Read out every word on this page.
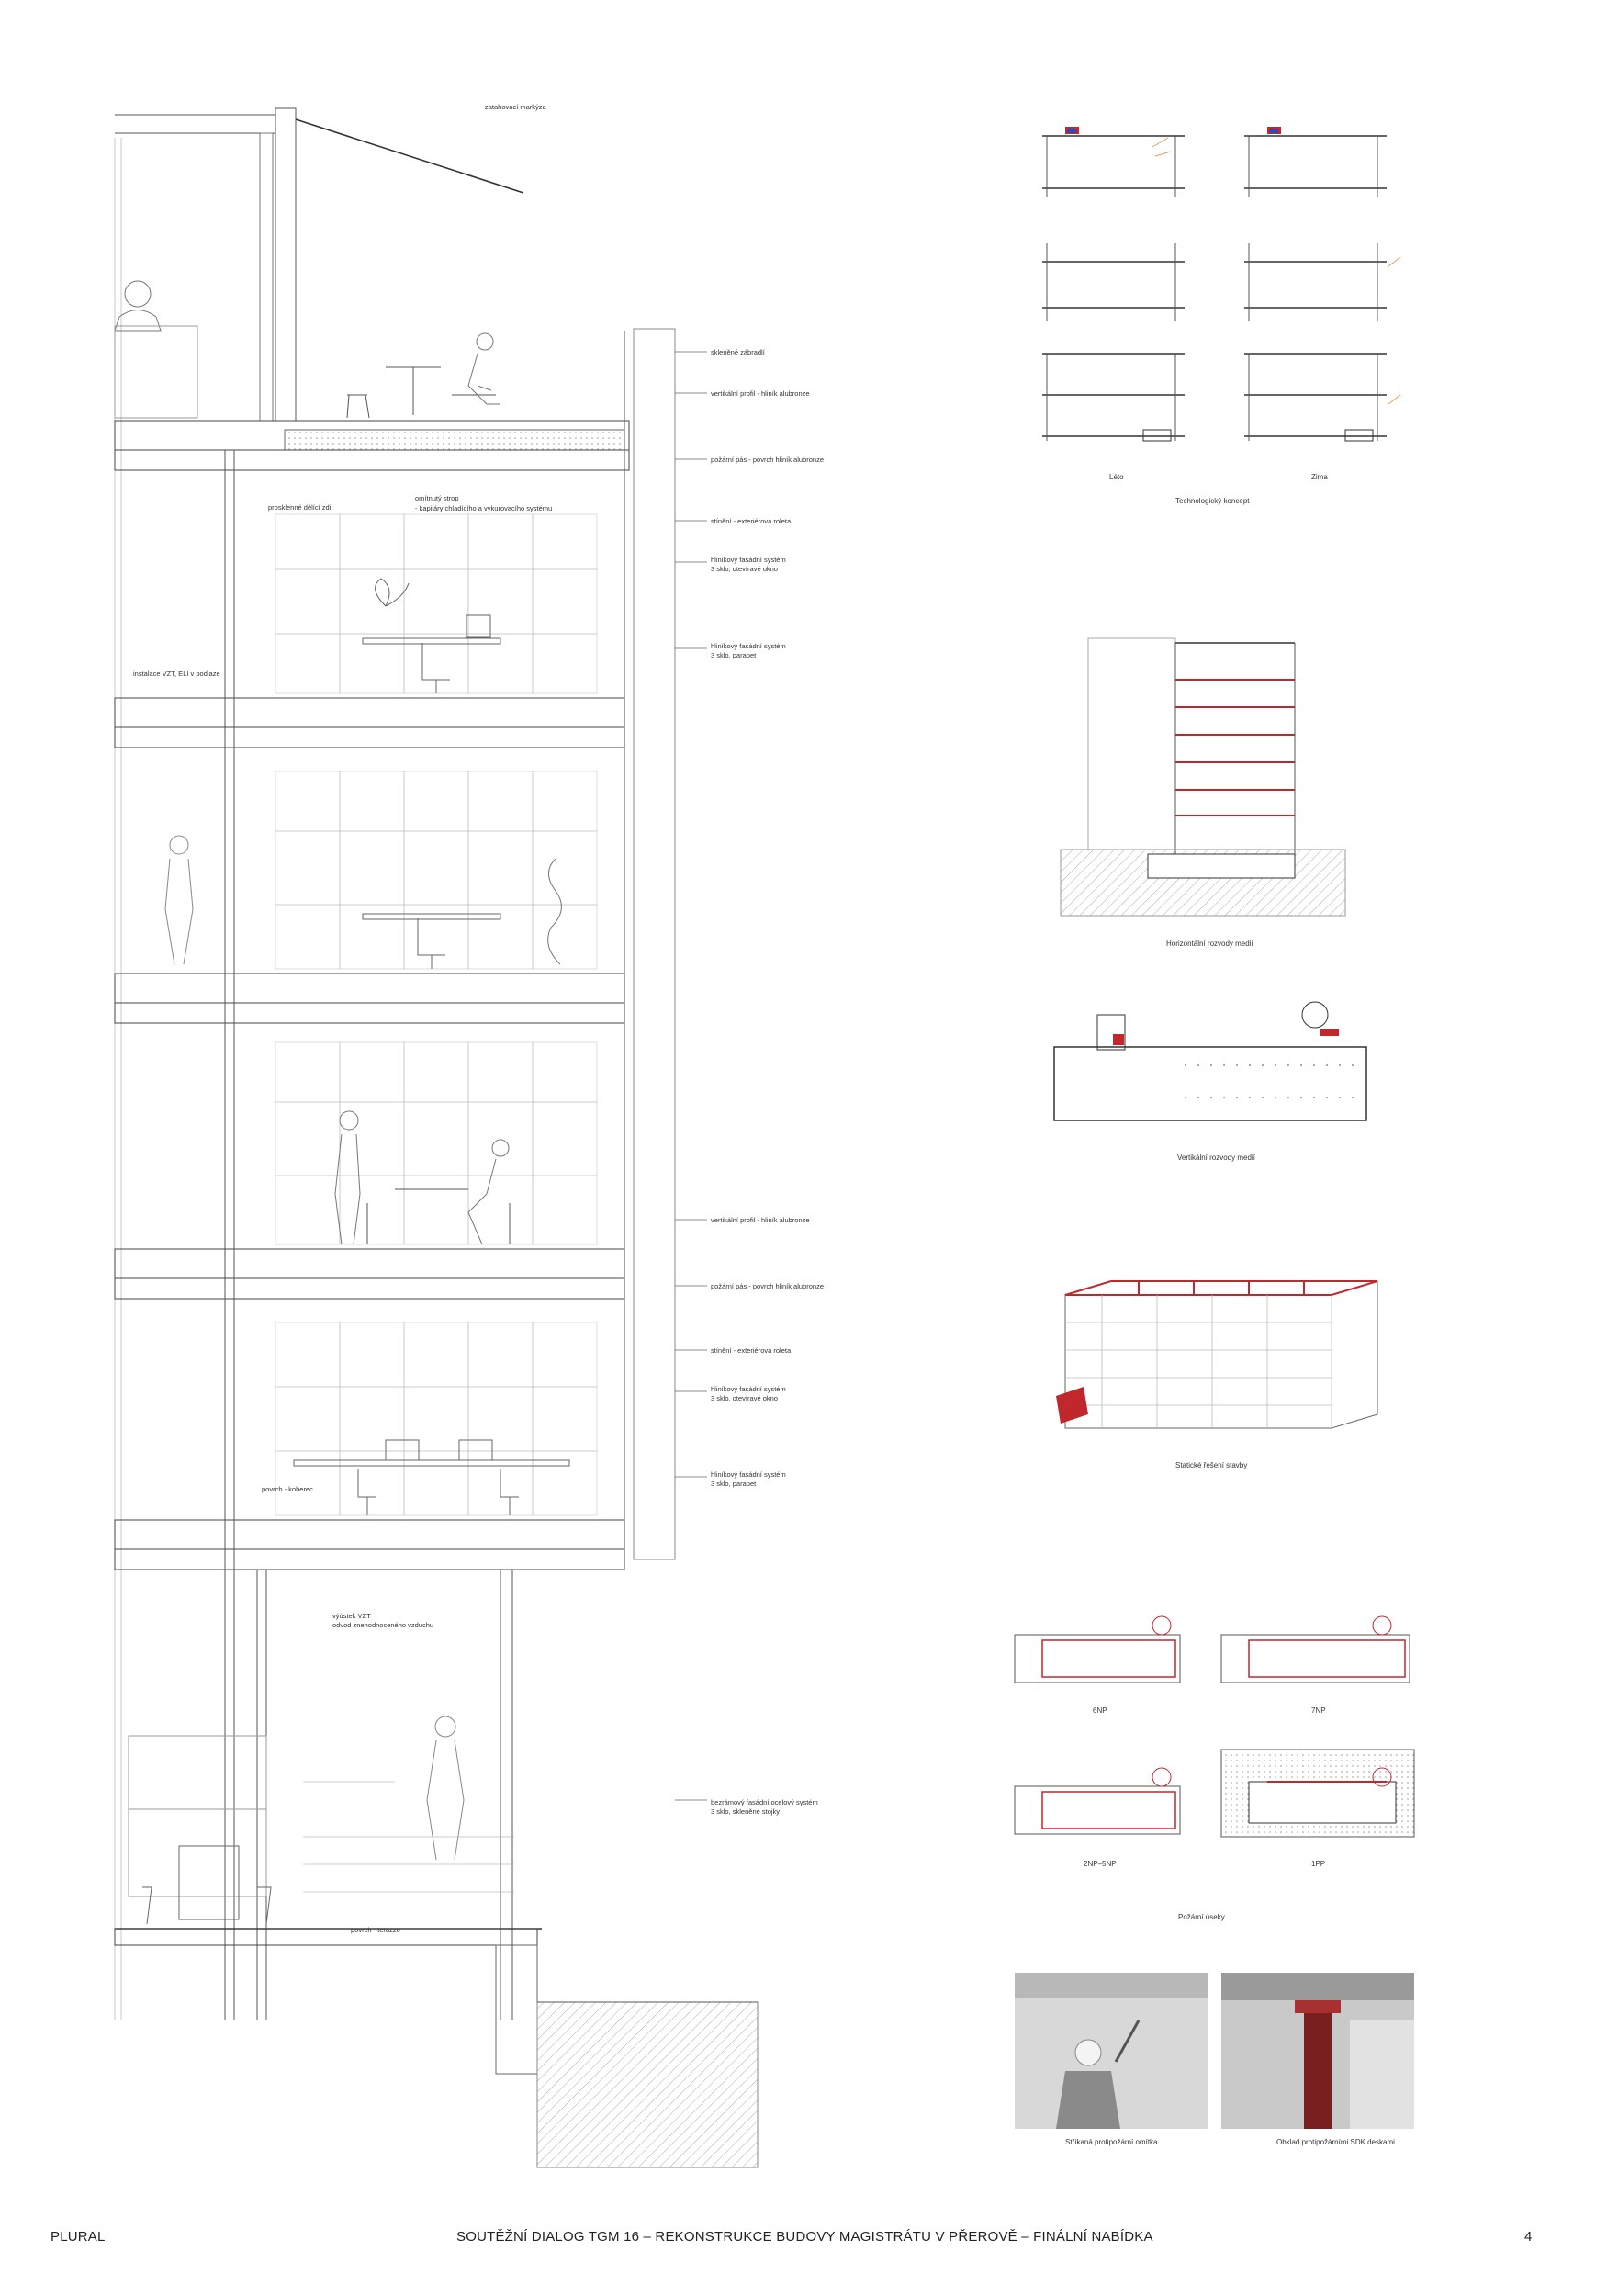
zatahovací markýza
skleněné zábradlí
vertikální profil - hliník alubronze
požární pás - povrch hliník alubronze
prosklenné dělící zdi
omítnutý strop
- kapiláry chladícího a vykurovacího systému
stínění - exteriérová roleta
hliníkový fasádní systém
3 sklo, otevíravé okno
hliníkový fasádní systém
3 sklo, parapet
instalace VZT, ELI v podlaze
vertikální profil - hliník alubronze
požární pás - povrch hliník alubronze
stínění - exteriérová roleta
hliníkový fasádní systém
3 sklo, otevíravé okno
hliníkový fasádní systém
3 sklo, parapet
povrch - koberec
výústek VZT
odvod znehodnoceného vzduchu
bezrámový fasádní ocelový systém
3 sklo, skleněné stojky
povrch - terazzo
Léto	Zima
Technologický koncept
Horizontální rozvody medií
Vertikální rozvody medií
Statické řešení stavby
6NP	7NP
2NP–5NP	1PP
Požární úseky
Stříkaná protipožární omítka	Obklad protipožárními SDK deskami
PLURAL	SOUTĚŽNÍ DIALOG TGM 16 – REKONSTRUKCE BUDOVY MAGISTRÁTU V PŘEROVĚ – FINÁLNÍ NABÍDKA	4
